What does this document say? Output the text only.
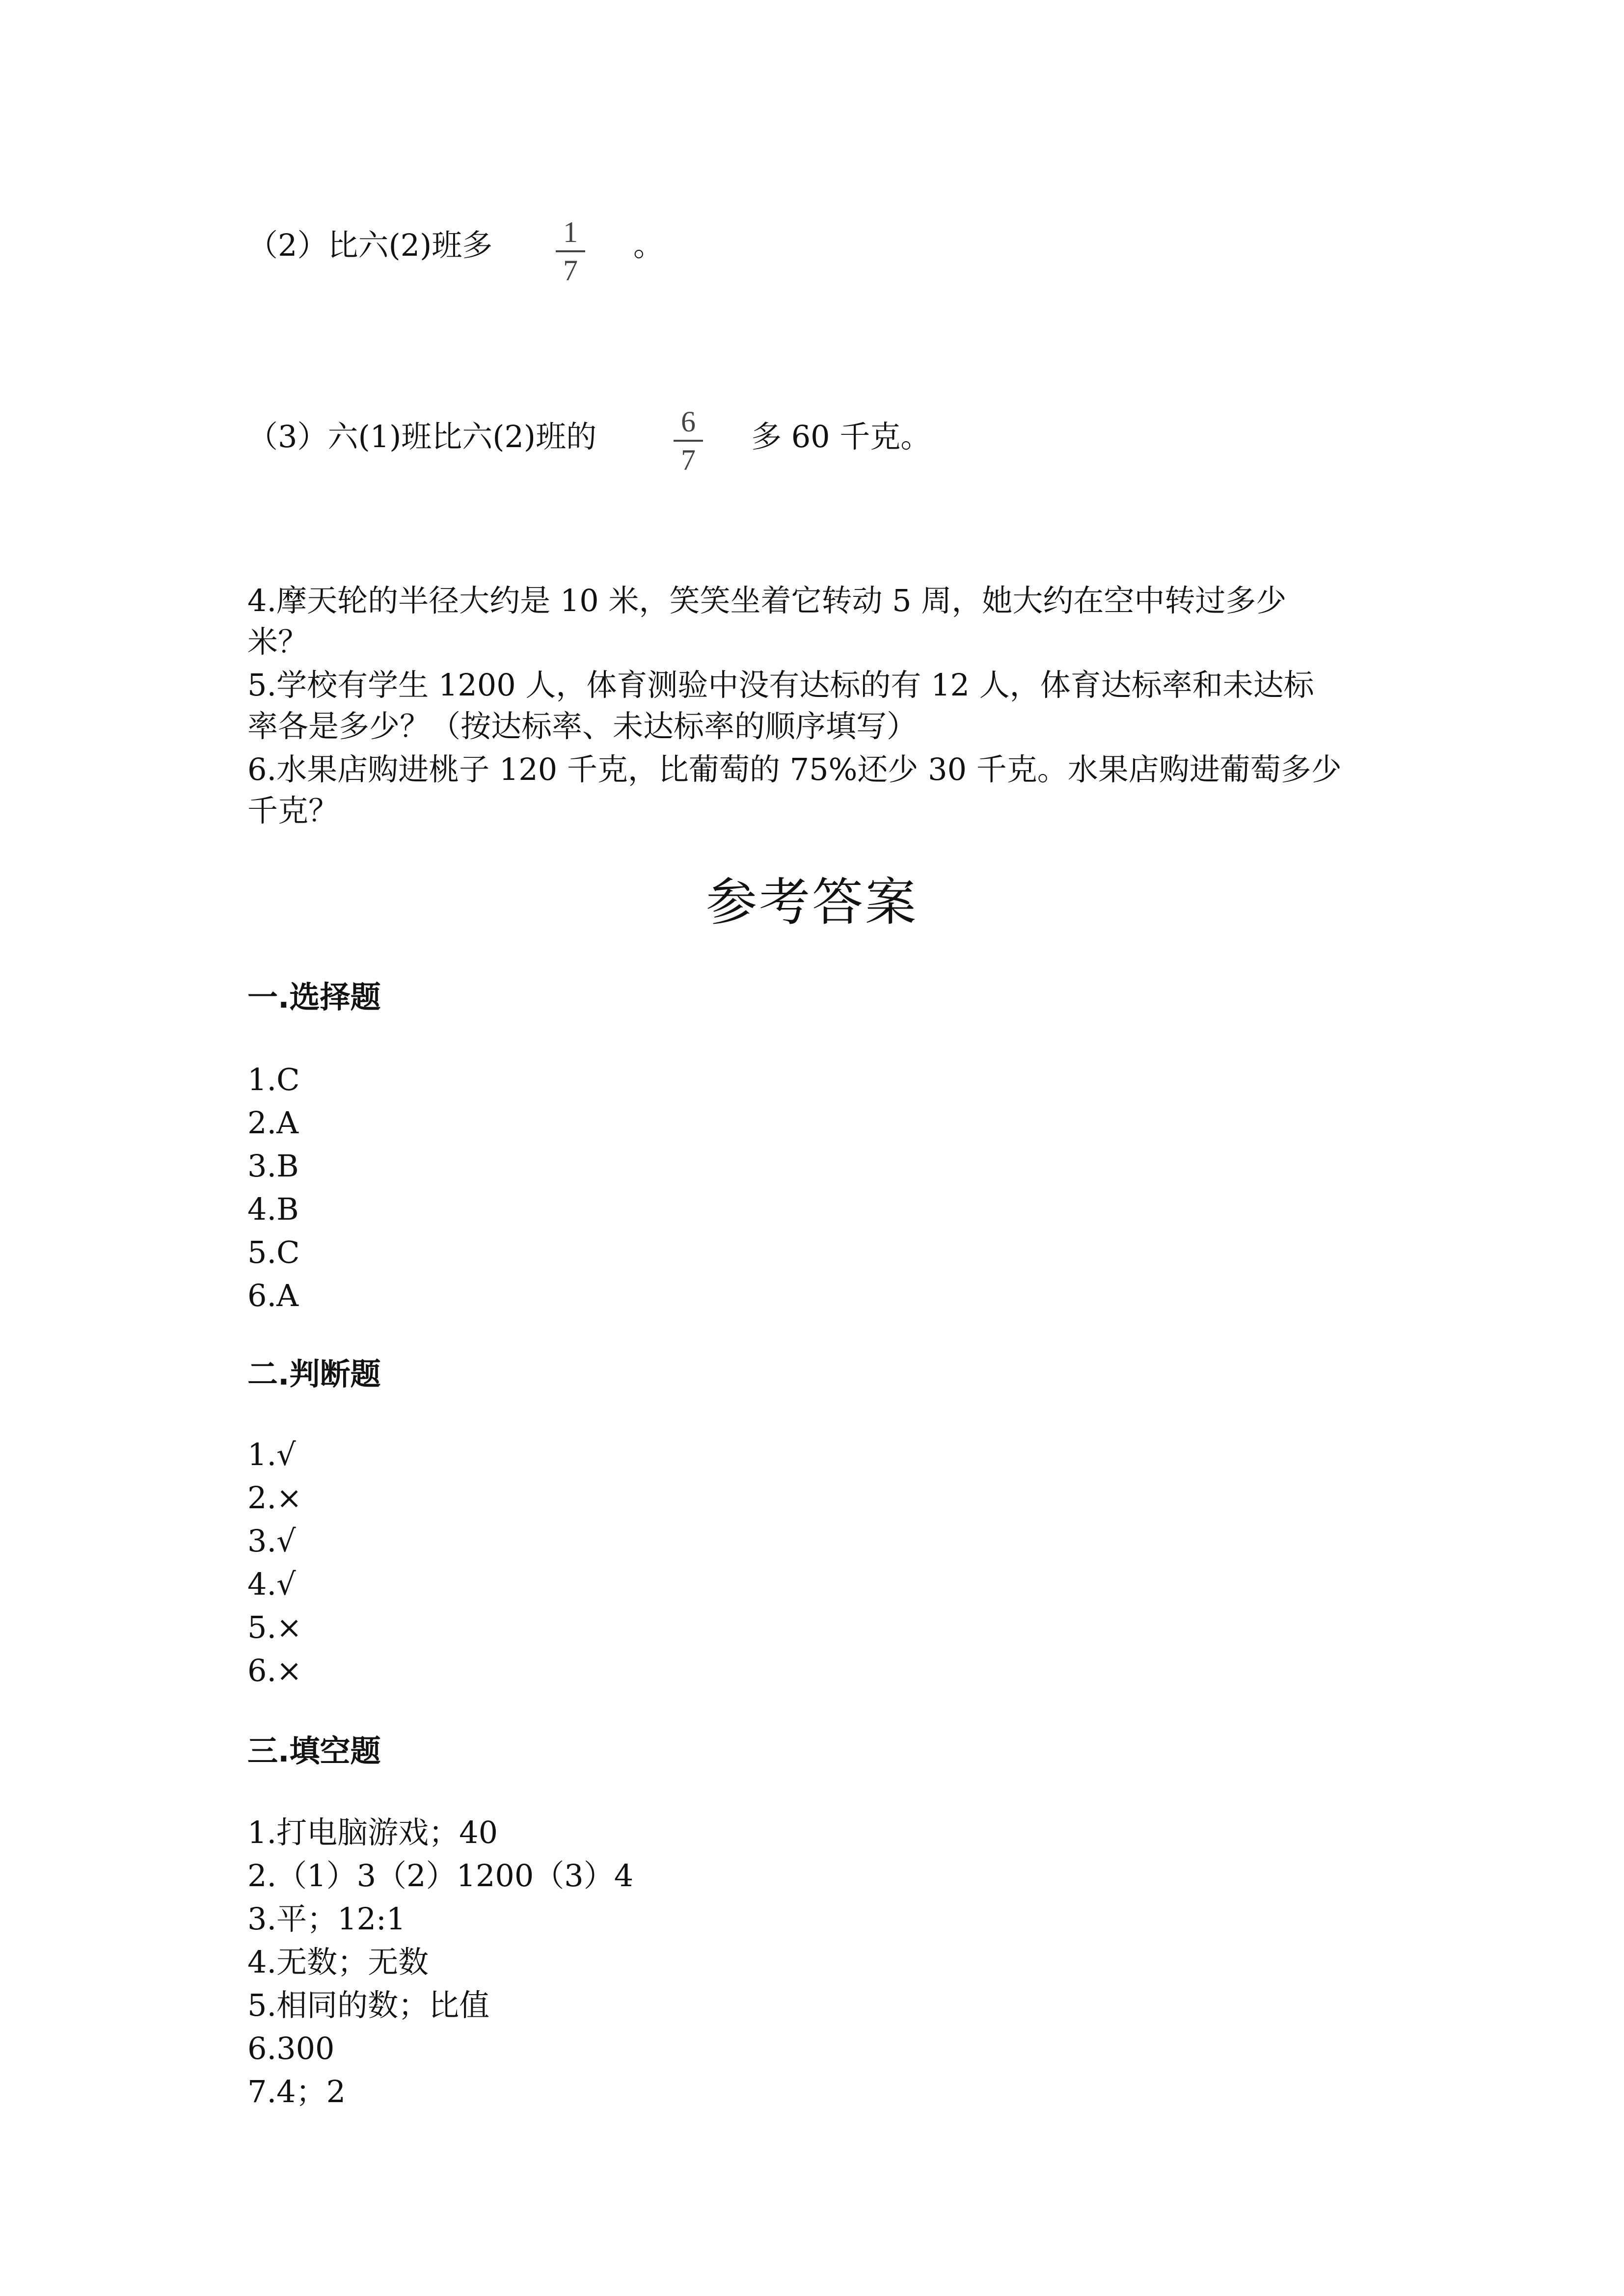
（2）比六(2)班多 1
7
。
（3）六(1)班比六(2)班的	6
7
多 60 千克。
4.摩天轮的半径大约是 10 米，笑笑坐着它转动 5 周，她大约在空中转过多少
米？
5.学校有学生 1200 人，体育测验中没有达标的有 12 人，体育达标率和未达标
率各是多少？（按达标率、未达标率的顺序填写）
6.水果店购进桃子 120 千克，比葡萄的 75%还少 30 千克。水果店购进葡萄多少
千克？
参考答案
一.选择题
1.C
2.A
3.B
4.B
5.C
6.A
二.判断题
1.√
2.×
3.√
4.√
5.×
6.×
三.填空题
1.打电脑游戏；40
2.（1）3（2）1200（3）4
3.平；12:1
4.无数；无数
5.相同的数；比值
6.300
7.4；2
